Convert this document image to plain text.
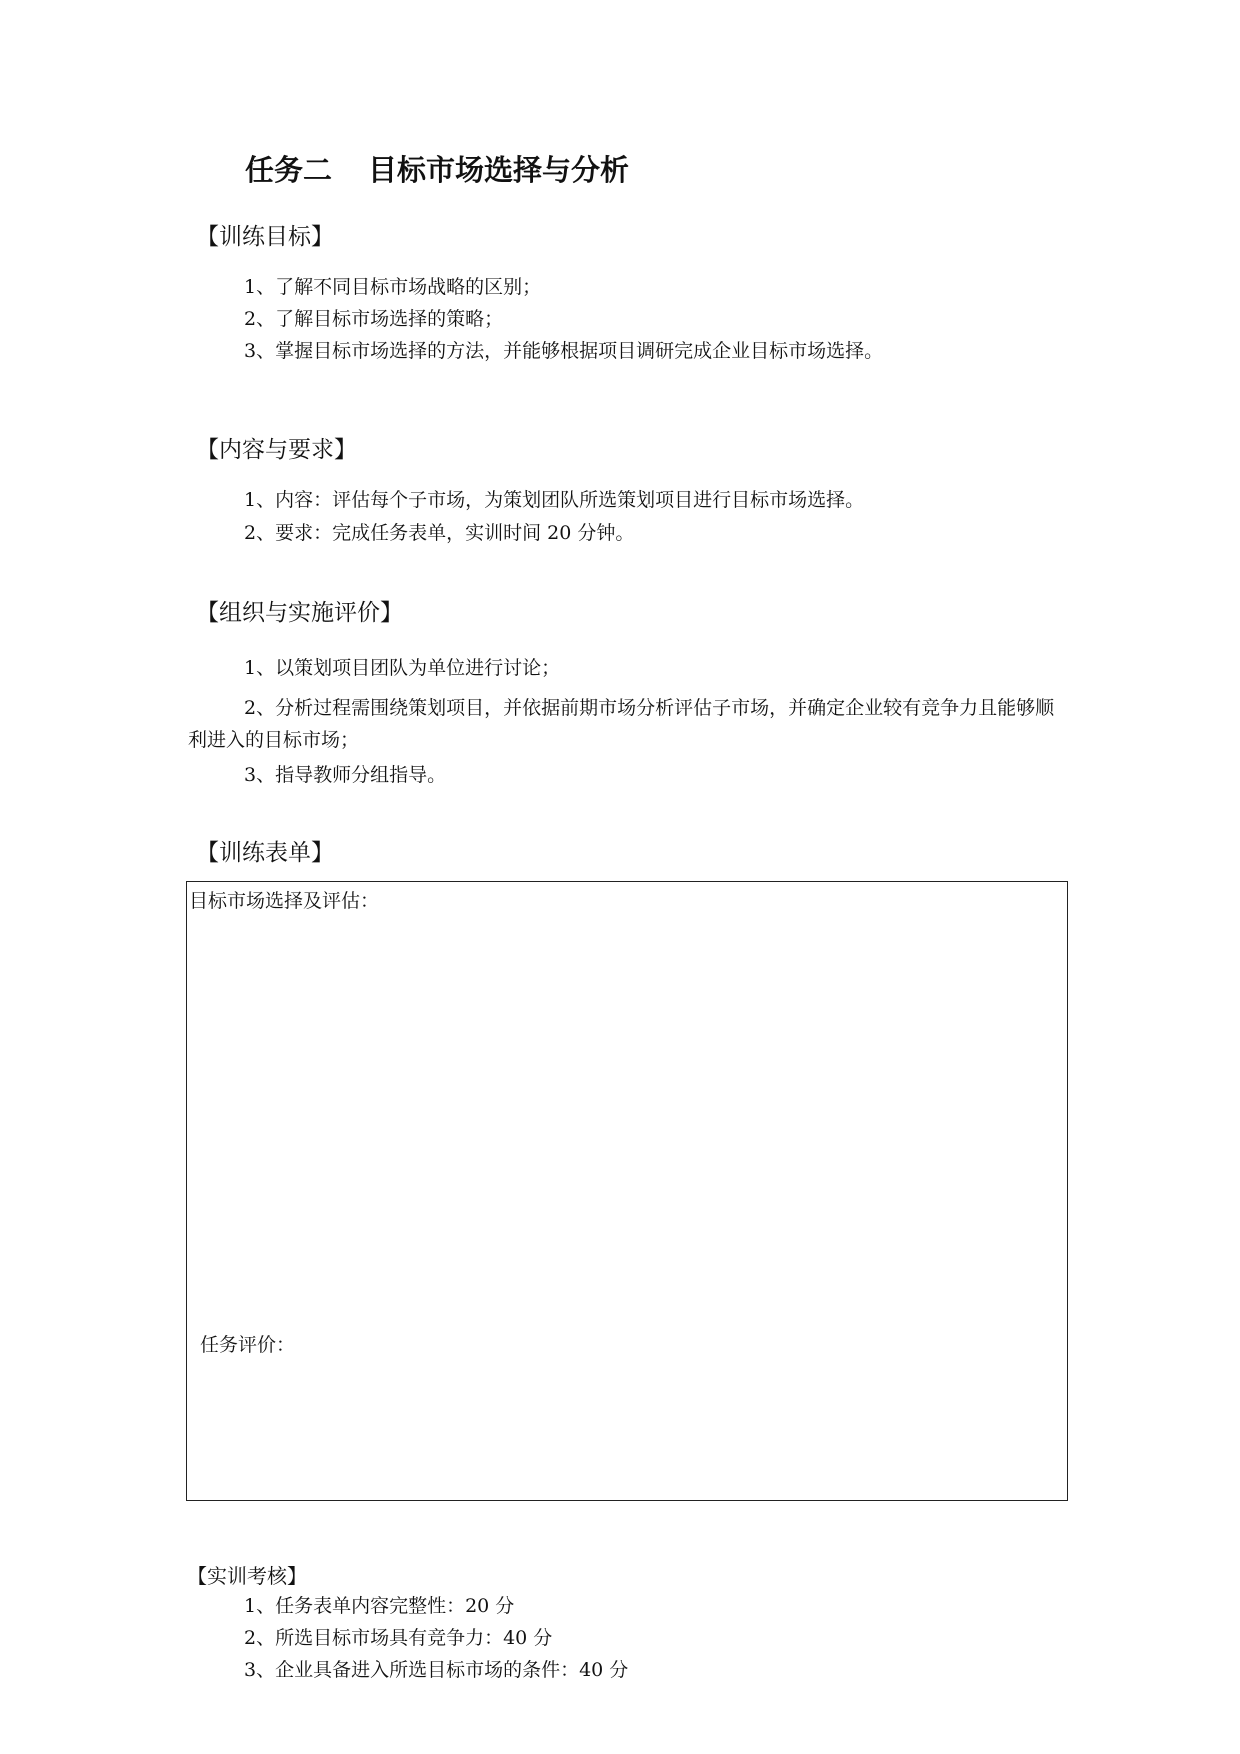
任务二 目标市场选择与分析
【训练目标】
1、了解不同目标市场战略的区别；
2、了解目标市场选择的策略；
3、掌握目标市场选择的方法，并能够根据项目调研完成企业目标市场选择。
【内容与要求】
1、内容：评估每个子市场，为策划团队所选策划项目进行目标市场选择。
2、要求：完成任务表单，实训时间 20 分钟。
【组织与实施评价】
1、以策划项目团队为单位进行讨论；
2、分析过程需围绕策划项目，并依据前期市场分析评估子市场，并确定企业较有竞争力且能够顺利进入的目标市场；
3、指导教师分组指导。
【训练表单】
目标市场选择及评估：
任务评价：
【实训考核】
1、任务表单内容完整性：20 分
2、所选目标市场具有竞争力：40 分
3、企业具备进入所选目标市场的条件：40 分
